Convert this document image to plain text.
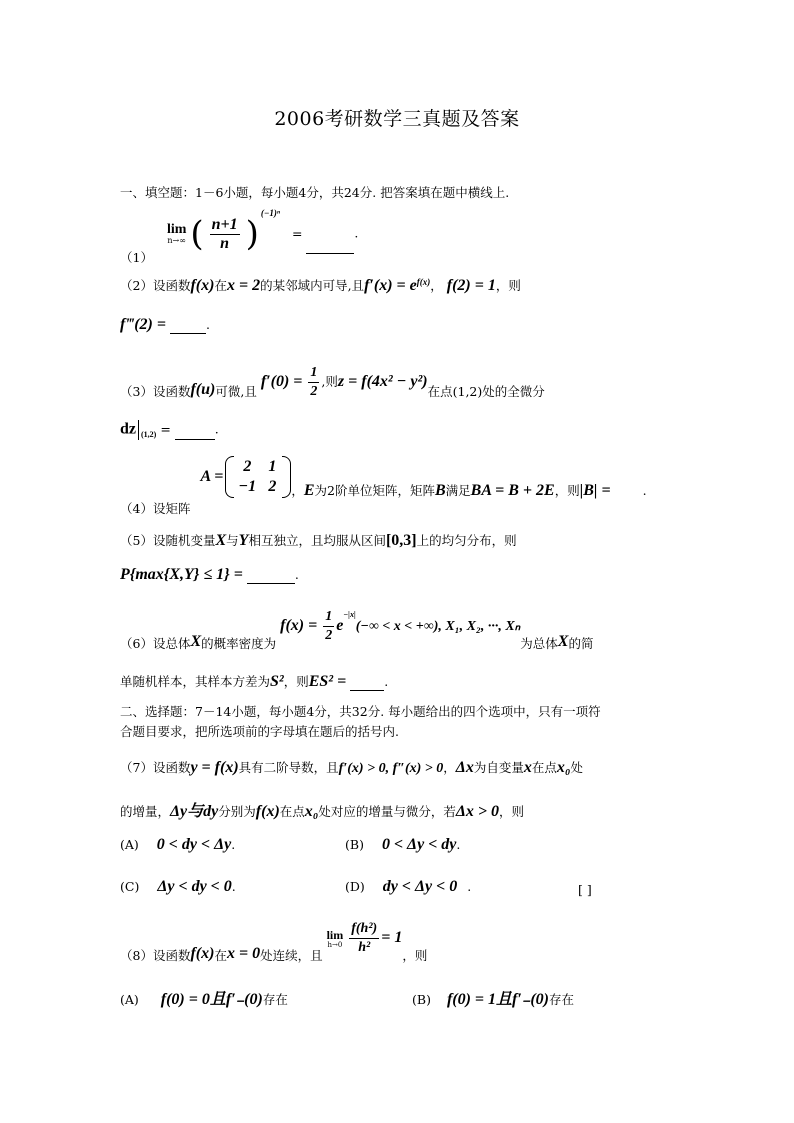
2006考研数学三真题及答案
一、填空题：1－6小题，每小题4分，共24分. 把答案填在题中横线上.
（1）
lim
n→∞ ( $\frac{n+1}{n}$ ) $^{(-1)^n}$ =	.
（2）设函数f(x)在x = 2的某邻域内可导,且$f'(x) = e^{f(x)}$， f(2) = 1，则
f‴(2) =	.
（3）设函数f(u)可微,且 $f'(0) = \frac{1}{2}$ ,则z = f(4x² − y²)在点(1,2)处的全微分
dz $_{(1,2)}$ =	.
（4）设矩阵 A =
2	1
−1 2	，E为2阶单位矩阵，矩阵B满足BA = B + 2E，则|B| =	.
（5）设随机变量X与Y相互独立，且均服从区间[0,3]上的均匀分布，则
P{max{X,Y} ≤ 1} =	.
（6）设总体X的概率密度为 $f(x) = \frac{1}{2} e^{-|x|}(-\infty < x$ < +∞), X₁, X₂, ···, Xₙ为总体X的简
单随机样本，其样本方差为S²，则ES² =	.
二、选择题：7－14小题，每小题4分，共32分. 每小题给出的四个选项中，只有一项符
合题目要求，把所选项前的字母填在题后的括号内.
（7）设函数y = f(x)具有二阶导数，且f′(x) > 0, f″(x) > 0，Δx为自变量x在点x₀处
的增量，Δy与dy分别为f(x)在点x₀处对应的增量与微分，若Δx > 0，则
(A) 0 < dy < Δy.	(B) 0 < Δy < dy.
(C) Δy < dy < 0.	(D) dy < Δy < 0 .	[ ]
（8）设函数f(x)在x = 0处连续，且
lim
h→0
$\frac{\text{f(h²)}}{\text{h²}} = 1$，则
(A) f(0) = 0且f′₋(0)存在	(B) f(0) = 1且f′₋(0)存在
